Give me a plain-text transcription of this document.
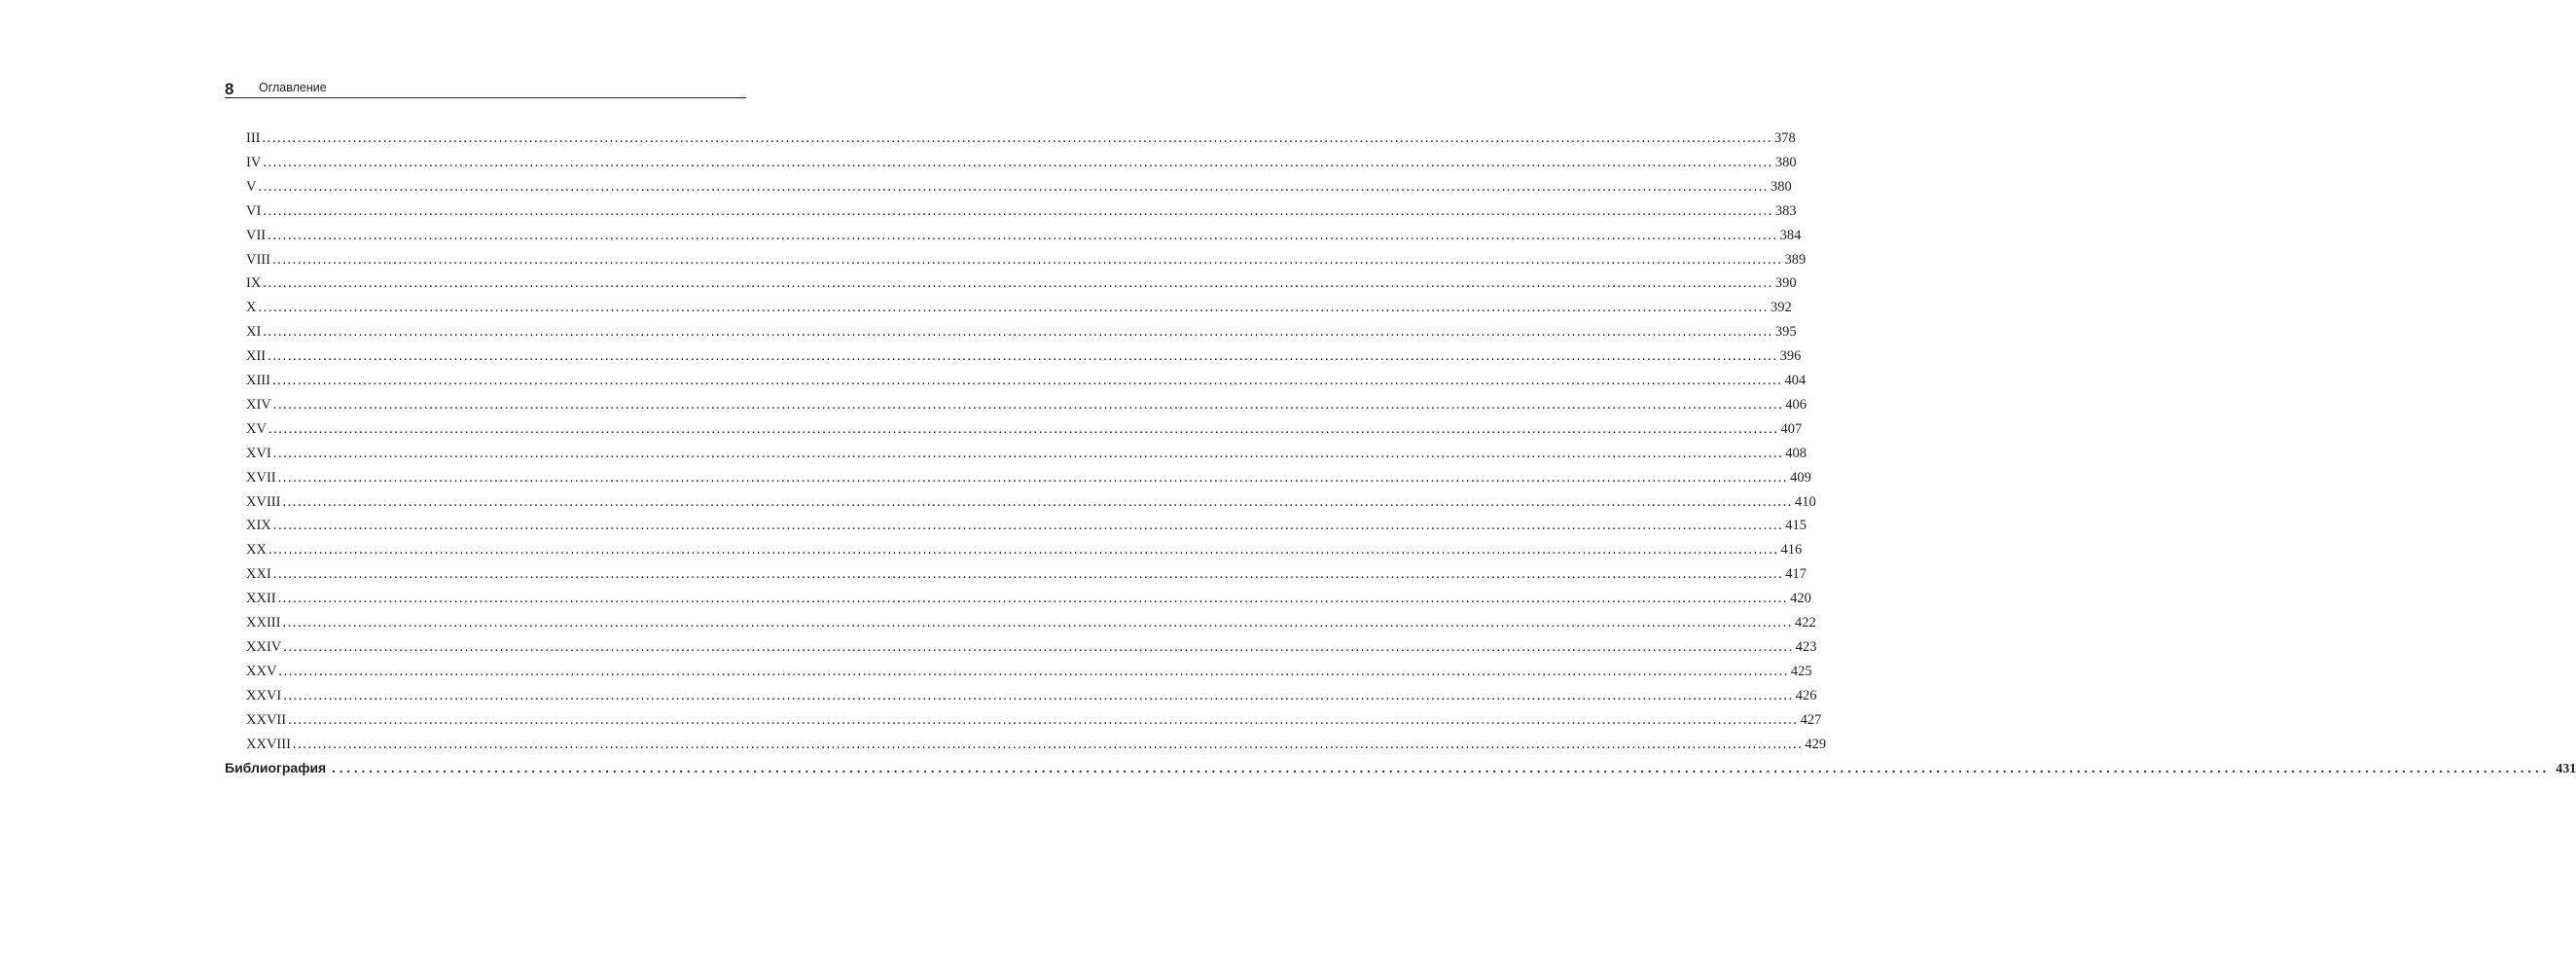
8 Оглавление
III ............................................................................................................................................................................................................................................................................................................ 378
IV ............................................................................................................................................................................................................................................................................................................ 380
V ............................................................................................................................................................................................................................................................................................................ 380
VI ............................................................................................................................................................................................................................................................................................................ 383
VII ............................................................................................................................................................................................................................................................................................................ 384
VIII ............................................................................................................................................................................................................................................................................................................ 389
IX ............................................................................................................................................................................................................................................................................................................ 390
X ............................................................................................................................................................................................................................................................................................................ 392
XI ............................................................................................................................................................................................................................................................................................................ 395
XII ............................................................................................................................................................................................................................................................................................................ 396
XIII ............................................................................................................................................................................................................................................................................................................ 404
XIV ............................................................................................................................................................................................................................................................................................................ 406
XV ............................................................................................................................................................................................................................................................................................................ 407
XVI ............................................................................................................................................................................................................................................................................................................ 408
XVII ............................................................................................................................................................................................................................................................................................................ 409
XVIII ............................................................................................................................................................................................................................................................................................................ 410
XIX ............................................................................................................................................................................................................................................................................................................ 415
XX ............................................................................................................................................................................................................................................................................................................ 416
XXI ............................................................................................................................................................................................................................................................................................................ 417
XXII ............................................................................................................................................................................................................................................................................................................ 420
XXIII ............................................................................................................................................................................................................................................................................................................ 422
XXIV ............................................................................................................................................................................................................................................................................................................ 423
XXV ............................................................................................................................................................................................................................................................................................................ 425
XXVI ............................................................................................................................................................................................................................................................................................................ 426
XXVII ............................................................................................................................................................................................................................................................................................................ 427
XXVIII ............................................................................................................................................................................................................................................................................................................ 429
Библиография ............................................................................................................................................................................................................................................................................................................ 431
